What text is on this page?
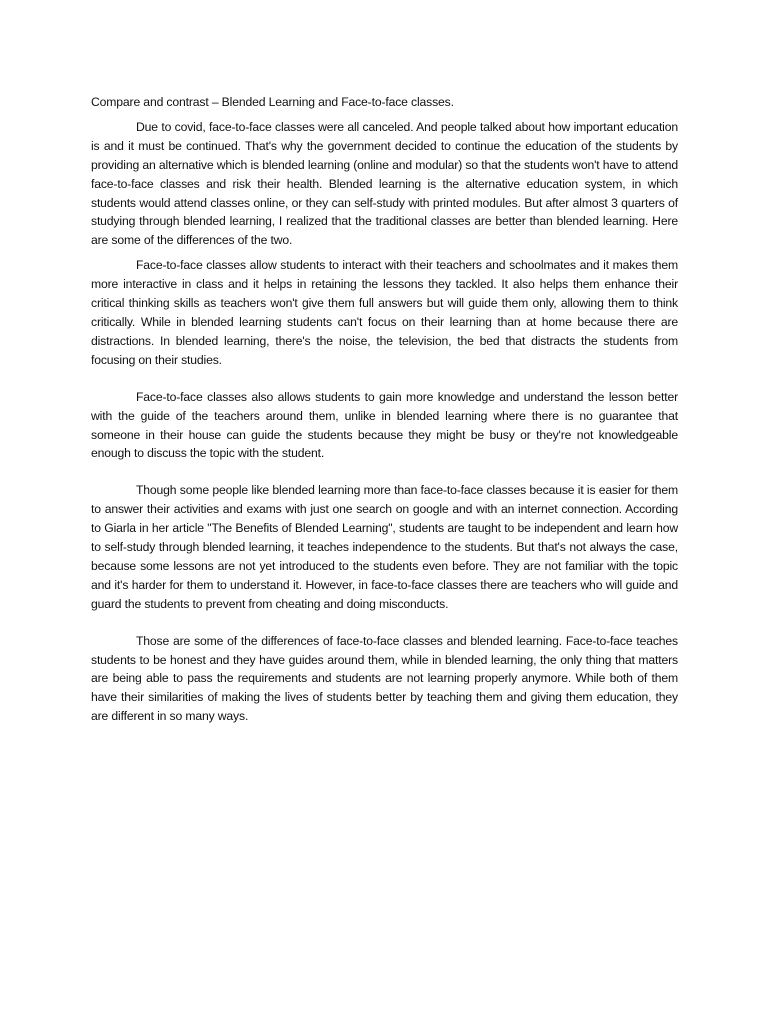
Compare and contrast – Blended Learning and Face-to-face classes.

Due to covid, face-to-face classes were all canceled. And people talked about how important education is and it must be continued. That's why the government decided to continue the education of the students by providing an alternative which is blended learning (online and modular) so that the students won't have to attend face-to-face classes and risk their health. Blended learning is the alternative education system, in which students would attend classes online, or they can self-study with printed modules. But after almost 3 quarters of studying through blended learning, I realized that the traditional classes are better than blended learning. Here are some of the differences of the two.

Face-to-face classes allow students to interact with their teachers and schoolmates and it makes them more interactive in class and it helps in retaining the lessons they tackled. It also helps them enhance their critical thinking skills as teachers won't give them full answers but will guide them only, allowing them to think critically. While in blended learning students can't focus on their learning than at home because there are distractions. In blended learning, there's the noise, the television, the bed that distracts the students from focusing on their studies.

Face-to-face classes also allows students to gain more knowledge and understand the lesson better with the guide of the teachers around them, unlike in blended learning where there is no guarantee that someone in their house can guide the students because they might be busy or they're not knowledgeable enough to discuss the topic with the student.

Though some people like blended learning more than face-to-face classes because it is easier for them to answer their activities and exams with just one search on google and with an internet connection. According to Giarla in her article "The Benefits of Blended Learning", students are taught to be independent and learn how to self-study through blended learning, it teaches independence to the students. But that's not always the case, because some lessons are not yet introduced to the students even before. They are not familiar with the topic and it's harder for them to understand it. However, in face-to-face classes there are teachers who will guide and guard the students to prevent from cheating and doing misconducts.

Those are some of the differences of face-to-face classes and blended learning. Face-to-face teaches students to be honest and they have guides around them, while in blended learning, the only thing that matters are being able to pass the requirements and students are not learning properly anymore. While both of them have their similarities of making the lives of students better by teaching them and giving them education, they are different in so many ways.
